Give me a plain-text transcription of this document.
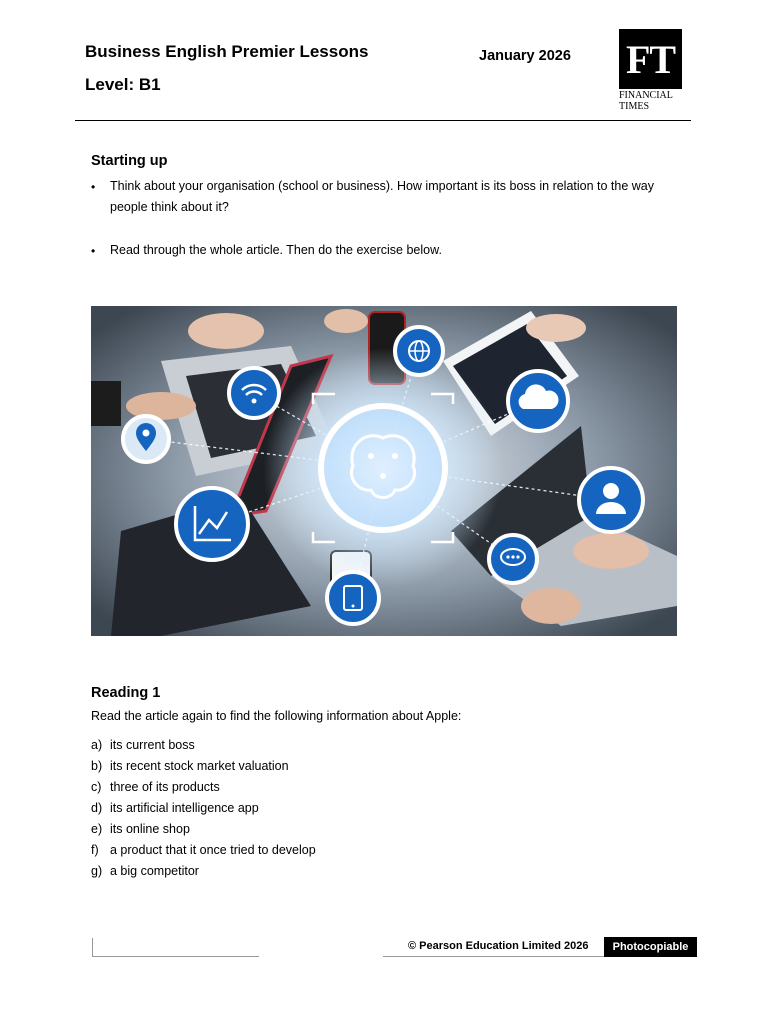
Business English Premier Lessons
Level: B1
January 2026 FT
FINANCIAL
TIMES
Starting up
• Think about your organisation (school or business). How important is its boss in relation to the way
people think about it?
• Read through the whole article. Then do the exercise below.
Reading 1
Read the article again to find the following information about Apple:
a) its current boss
b) its recent stock market valuation
c) three of its products
d) its artificial intelligence app
e) its online shop
f) a product that it once tried to develop
g) a big competitor
© Pearson Education Limited 2026	Photocopiable
